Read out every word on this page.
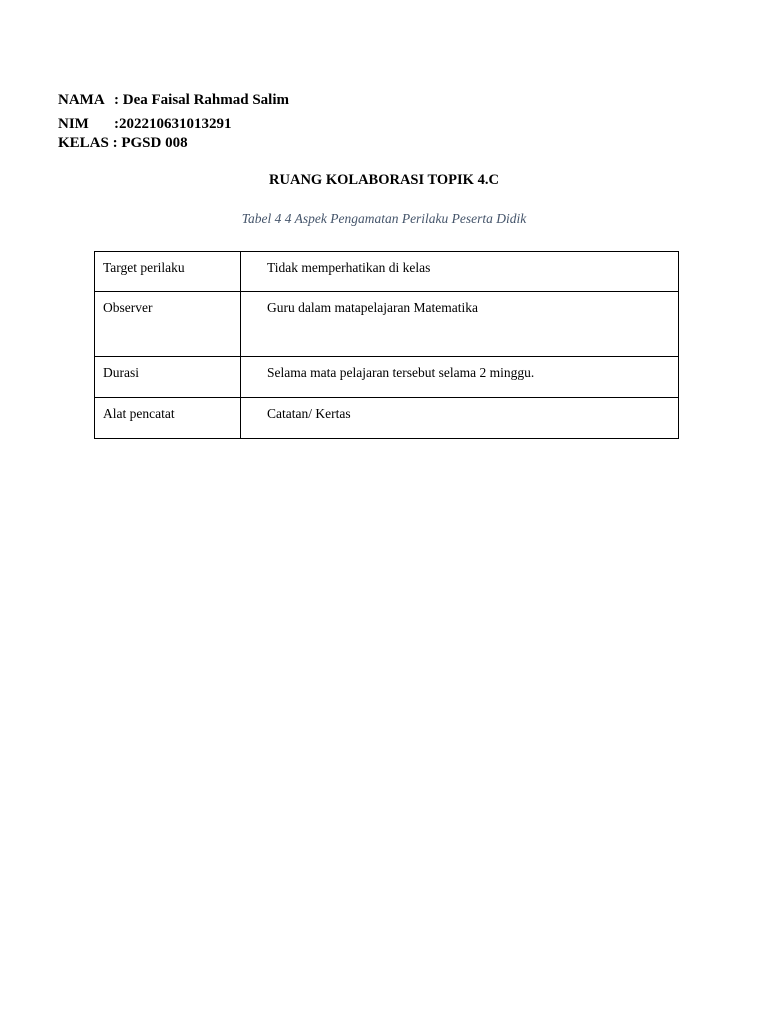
NAMA : Dea Faisal Rahmad Salim
NIM :202210631013291
KELAS : PGSD 008
RUANG KOLABORASI TOPIK 4.C
Tabel 4 4 Aspek Pengamatan Perilaku Peserta Didik
Target perilaku	Tidak memperhatikan di kelas
Observer	Guru dalam matapelajaran Matematika
Durasi	Selama mata pelajaran tersebut selama 2 minggu.
Alat pencatat	Catatan/ Kertas
